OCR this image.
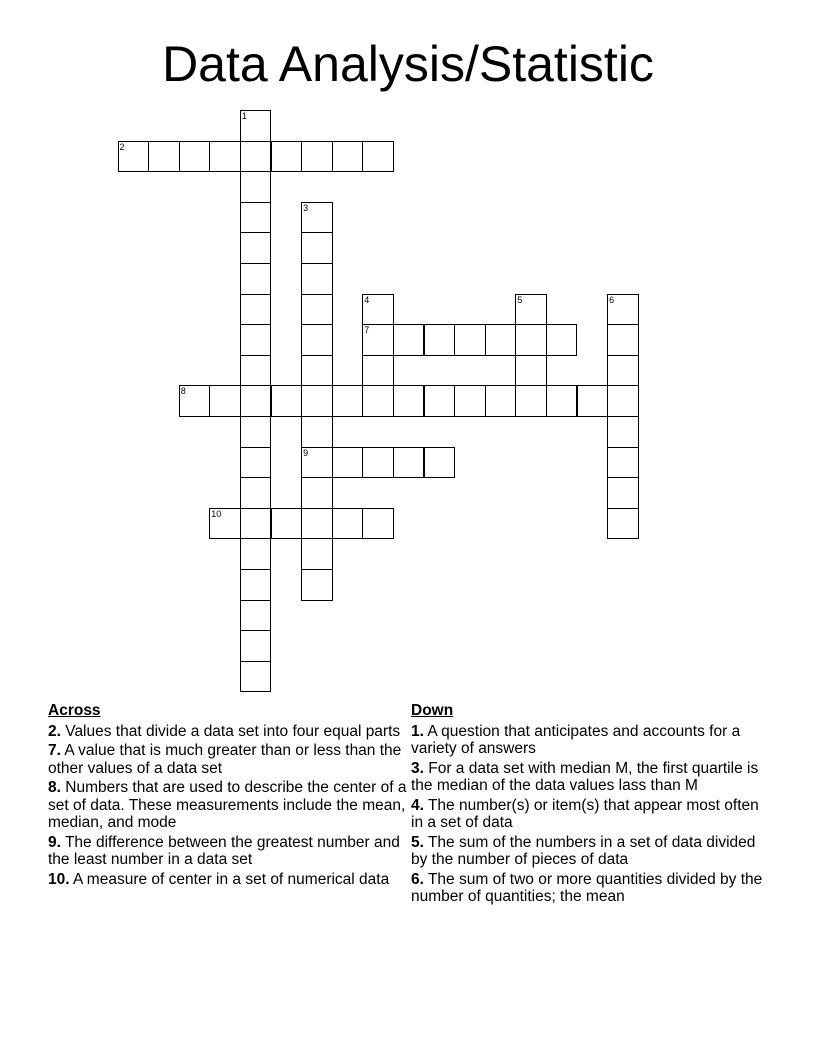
Data Analysis/Statistic
1
2
3
9
4
7
5	6
8
10
Across
2. Values that divide a data set into four equal parts
7. A value that is much greater than or less than the other values of a data set
8. Numbers that are used to describe the center of a set of data. These measurements include the mean, median, and mode
9. The difference between the greatest number and the least number in a data set
10. A measure of center in a set of numerical data
Down
1. A question that anticipates and accounts for a variety of answers
3. For a data set with median M, the first quartile is the median of the data values lass than M
4. The number(s) or item(s) that appear most often in a set of data
5. The sum of the numbers in a set of data divided by the number of pieces of data
6. The sum of two or more quantities divided by the number of quantities; the mean
